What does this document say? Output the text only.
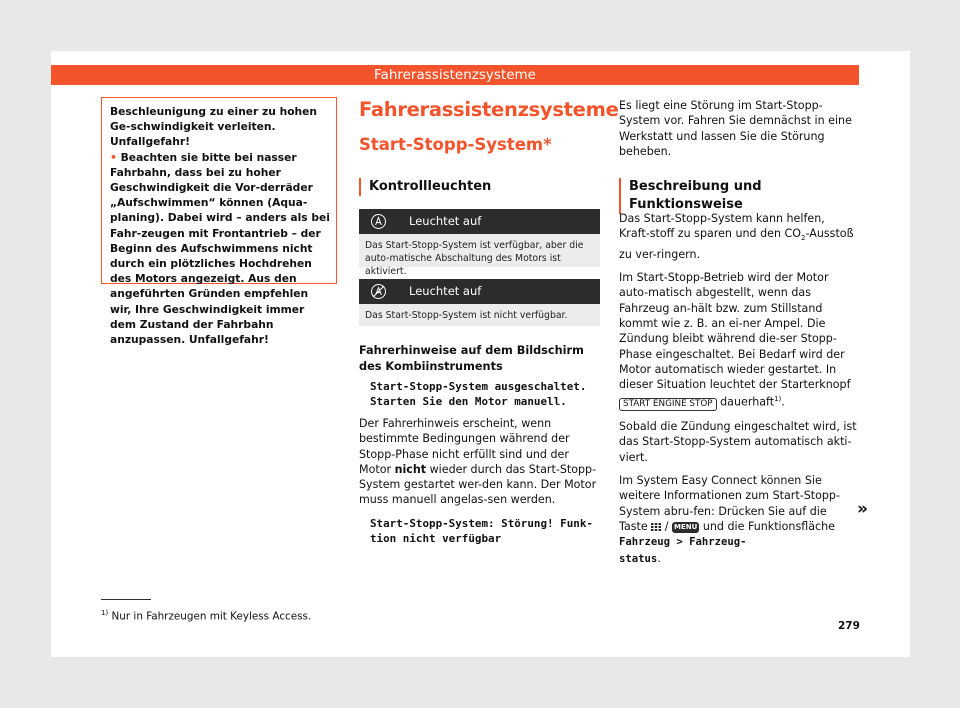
Fahrerassistenzsysteme

Beschleunigung zu einer zu hohen Ge-schwindigkeit verleiten. Unfallgefahr!

• Beachten sie bitte bei nasser Fahrbahn, dass bei zu hoher Geschwindigkeit die Vor-derräder „Aufschwimmen“ können (Aqua-planing). Dabei wird – anders als bei Fahr-zeugen mit Frontantrieb – der Beginn des Aufschwimmens nicht durch ein plötzliches Hochdrehen des Motors angezeigt. Aus den angeführten Gründen empfehlen wir, Ihre Geschwindigkeit immer dem Zustand der Fahrbahn anzupassen. Unfallgefahr!

Fahrerassistenzsysteme
Start-Stopp-System*
Kontrollleuchten
Leuchtet auf
Das Start-Stopp-System ist verfügbar, aber die auto-matische Abschaltung des Motors ist aktiviert.
Leuchtet auf
Das Start-Stopp-System ist nicht verfügbar.
Fahrerhinweise auf dem Bildschirm des Kombiinstruments
Start-Stopp-System ausgeschaltet.
Starten Sie den Motor manuell.
Der Fahrerhinweis erscheint, wenn bestimmte Bedingungen während der Stopp-Phase nicht erfüllt sind und der Motor nicht wieder durch das Start-Stopp-System gestartet wer-den kann. Der Motor muss manuell angelas-sen werden.
Start-Stopp-System: Störung! Funk-
tion nicht verfügbar
Es liegt eine Störung im Start-Stopp-System vor. Fahren Sie demnächst in eine Werkstatt und lassen Sie die Störung beheben.
Beschreibung und Funktionsweise

Das Start-Stopp-System kann helfen, Kraft-stoff zu sparen und den $CO_2$-Ausstoß zu ver-ringern.

Im Start-Stopp-Betrieb wird der Motor auto-matisch abgestellt, wenn das Fahrzeug an-hält bzw. zum Stillstand kommt wie z. B. an ei-ner Ampel. Die Zündung bleibt während die-ser Stopp-Phase eingeschaltet. Bei Bedarf wird der Motor automatisch wieder gestartet. In dieser Situation leuchtet der Starterknopf START ENGINE STOP dauerhaft$^{1)}$.

Sobald die Zündung eingeschaltet wird, ist das Start-Stopp-System automatisch akti-viert.

Im System Easy Connect können Sie weitere Informationen zum Start-Stopp-System abru-fen: Drücken Sie auf die Taste  / MENU und die Funktionsfläche Fahrzeug > Fahrzeug-
status.

»
$^{1)}$ Nur in Fahrzeugen mit Keyless Access.
279
